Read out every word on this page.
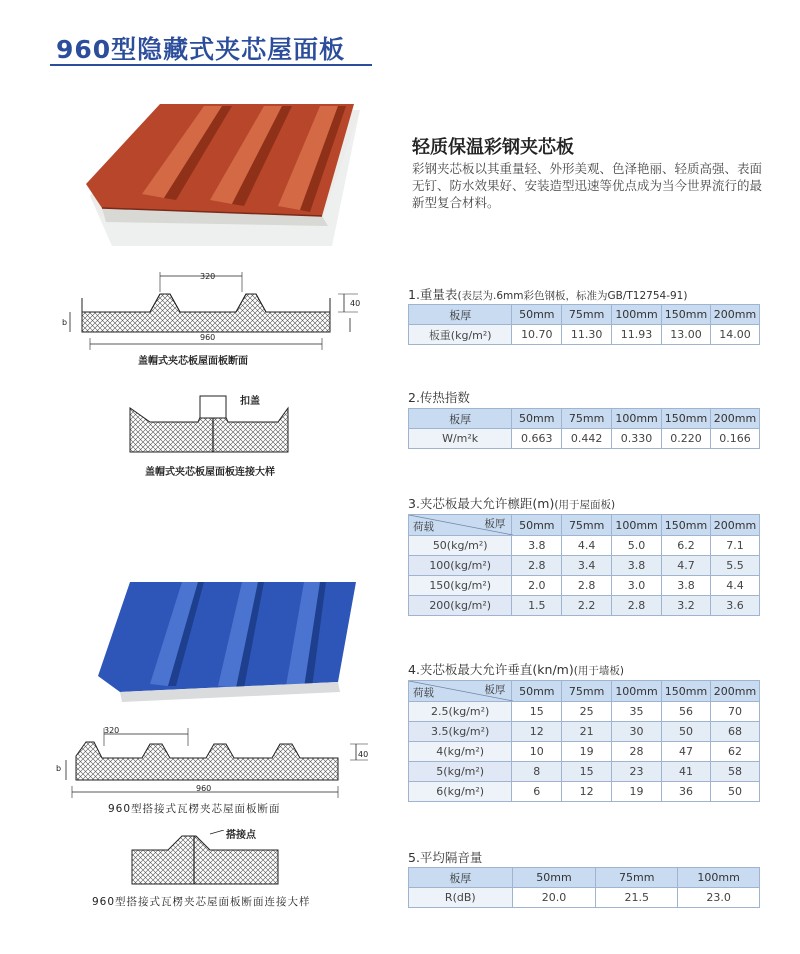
960型隐藏式夹芯屋面板
320
40
960
b
盖帽式夹芯板屋面板断面
扣盖
盖帽式夹芯板屋面板连接大样
320
40
960
b
960型搭接式瓦楞夹芯屋面板断面
搭接点
960型搭接式瓦楞夹芯屋面板断面连接大样
轻质保温彩钢夹芯板
彩钢夹芯板以其重量轻、外形美观、色泽艳丽、轻质高强、表面无钉、防水效果好、安装造型迅速等优点成为当今世界流行的最新型复合材料。
1.重量表(表层为.6mm彩色钢板，标准为GB/T12754-91)
板厚	50mm	75mm	100mm	150mm	200mm
板重(kg/m²)	10.70	11.30	11.93	13.00	14.00
2.传热指数
板厚	50mm	75mm	100mm	150mm	200mm
W/m²k	0.663	0.442	0.330	0.220	0.166
3.夹芯板最大允许檩距(m)(用于屋面板)
荷载 板厚	50mm	75mm	100mm	150mm	200mm
50(kg/m²)	3.8	4.4	5.0	6.2	7.1
100(kg/m²)	2.8	3.4	3.8	4.7	5.5
150(kg/m²)	2.0	2.8	3.0	3.8	4.4
200(kg/m²)	1.5	2.2	2.8	3.2	3.6
4.夹芯板最大允许垂直(kn/m)(用于墙板)
荷载 板厚	50mm	75mm	100mm	150mm	200mm
2.5(kg/m²)	15	25	35	56	70
3.5(kg/m²)	12	21	30	50	68
4(kg/m²)	10	19	28	47	62
5(kg/m²)	8	15	23	41	58
6(kg/m²)	6	12	19	36	50
5.平均隔音量
板厚	50mm	75mm	100mm
R(dB)	20.0	21.5	23.0
